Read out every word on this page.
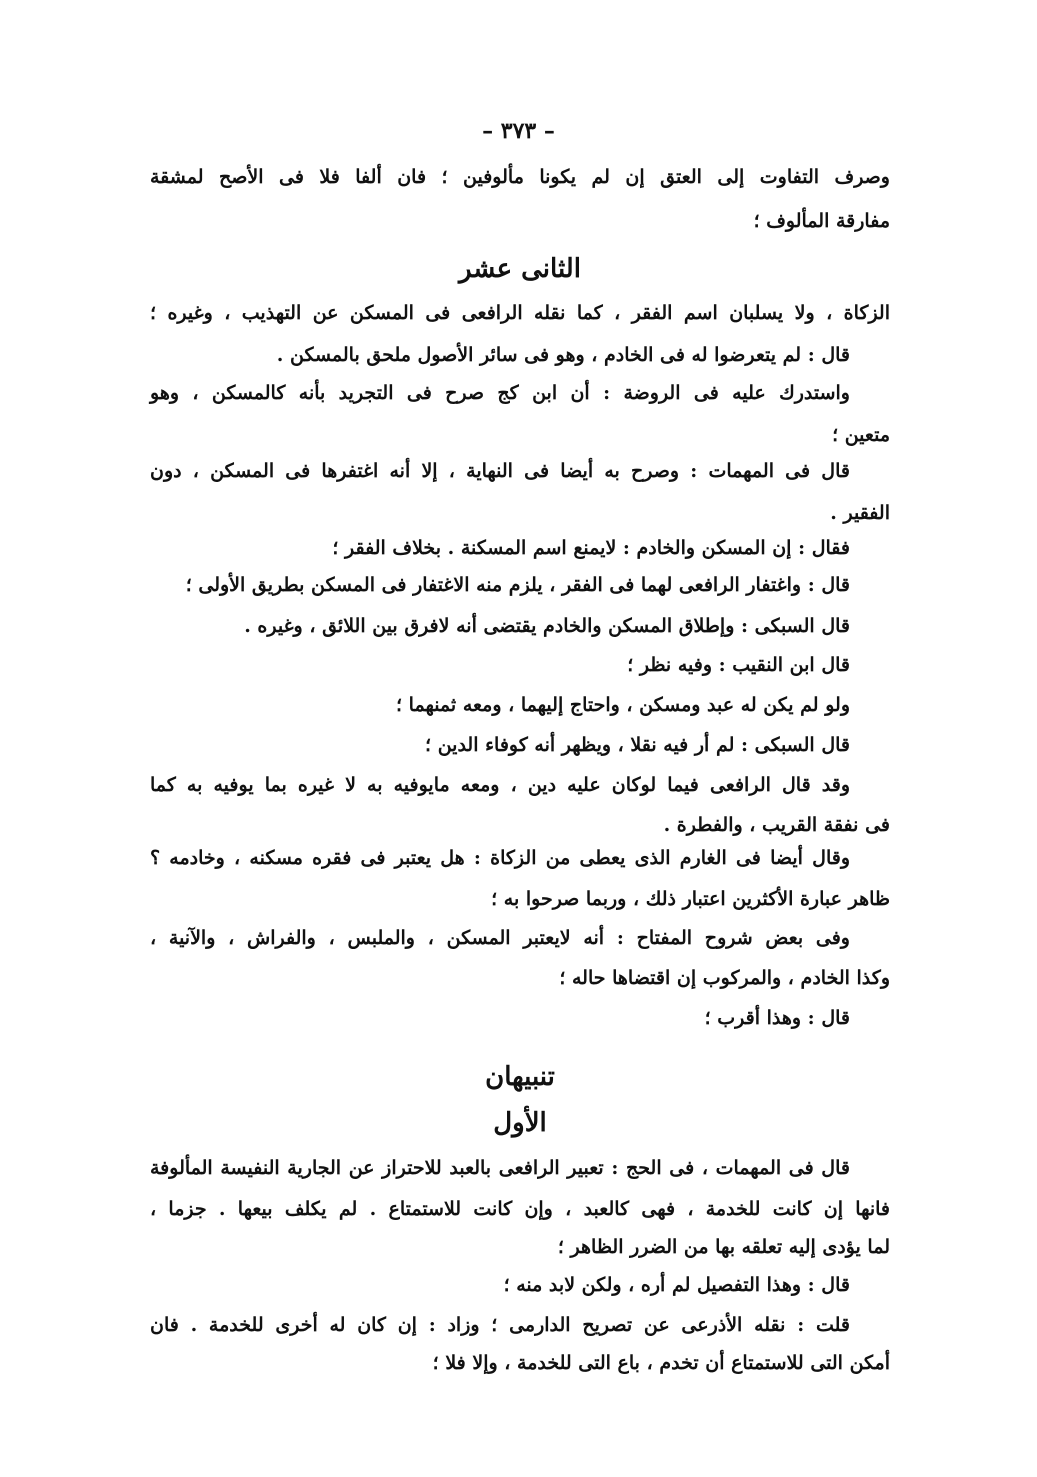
– ٣٧٣ –
وصرف التفاوت إلى العتق إن لم يكونا مألوفين ؛ فان ألفا فلا فى الأصح لمشقة
مفارقة المألوف ؛
الثانى عشر
الزكاة ، ولا يسلبان اسم الفقر ، كما نقله الرافعى فى المسكن عن التهذيب ، وغيره ؛
قال : لم يتعرضوا له فى الخادم ، وهو فى سائر الأصول ملحق بالمسكن .
واستدرك عليه فى الروضة : أن ابن كج صرح فى التجريد بأنه كالمسكن ، وهو
متعين ؛
قال فى المهمات : وصرح به أيضا فى النهاية ، إلا أنه اغتفرها فى المسكن ، دون
الفقير .
فقال : إن المسكن والخادم : لايمنع اسم المسكنة . بخلاف الفقر ؛
قال : واغتفار الرافعى لهما فى الفقر ، يلزم منه الاغتفار فى المسكن بطريق الأولى ؛
قال السبكى : وإطلاق المسكن والخادم يقتضى أنه لافرق بين اللائق ، وغيره .
قال ابن النقيب : وفيه نظر ؛
ولو لم يكن له عبد ومسكن ، واحتاج إليهما ، ومعه ثمنهما ؛
قال السبكى : لم أر فيه نقلا ، ويظهر أنه كوفاء الدين ؛
وقد قال الرافعى فيما لوكان عليه دين ، ومعه مايوفيه به لا غيره بما يوفيه به كما
فى نفقة القريب ، والفطرة .
وقال أيضا فى الغارم الذى يعطى من الزكاة : هل يعتبر فى فقره مسكنه ، وخادمه ؟
ظاهر عبارة الأكثرين اعتبار ذلك ، وربما صرحوا به ؛
وفى بعض شروح المفتاح : أنه لايعتبر المسكن ، والملبس ، والفراش ، والآنية ،
وكذا الخادم ، والمركوب إن اقتضاها حاله ؛
قال : وهذا أقرب ؛
تنبيهان
الأول
قال فى المهمات ، فى الحج : تعبير الرافعى بالعبد للاحتراز عن الجارية النفيسة المألوفة
فانها إن كانت للخدمة ، فهى كالعبد ، وإن كانت للاستمتاع . لم يكلف بيعها . جزما ،
لما يؤدى إليه تعلقه بها من الضرر الظاهر ؛
قال : وهذا التفصيل لم أره ، ولكن لابد منه ؛
قلت : نقله الأذرعى عن تصريح الدارمى ؛ وزاد : إن كان له أخرى للخدمة . فان
أمكن التى للاستمتاع أن تخدم ، باع التى للخدمة ، وإلا فلا ؛
